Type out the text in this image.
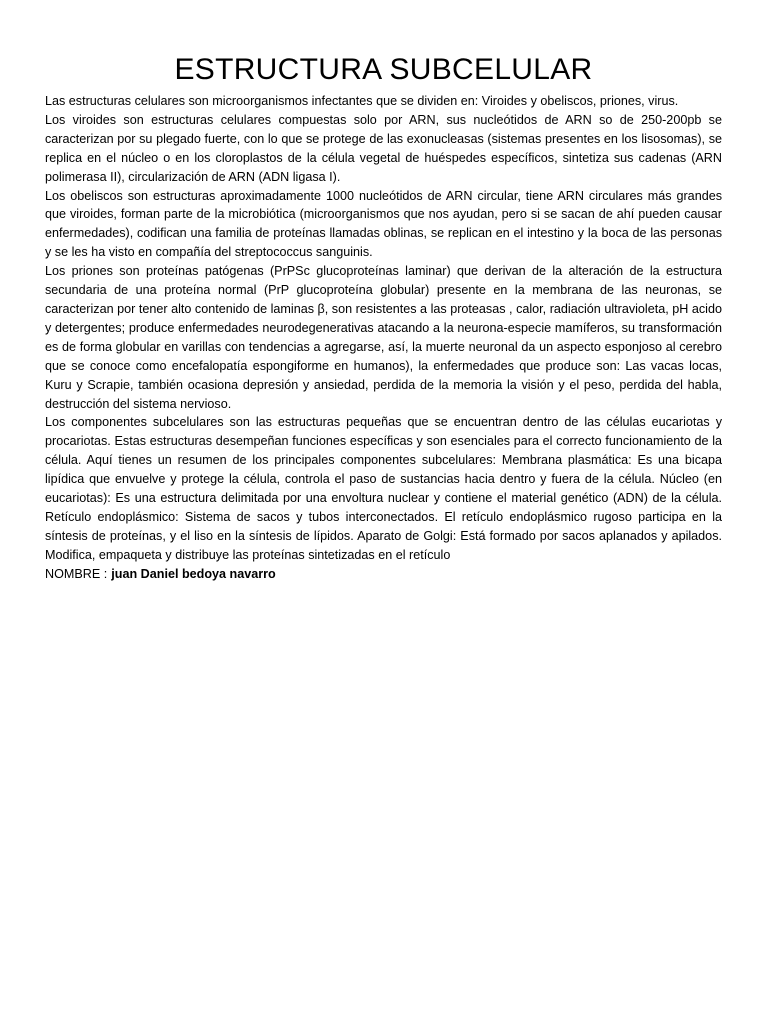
ESTRUCTURA SUBCELULAR

Las estructuras celulares son microorganismos infectantes que se dividen en: Viroides y obeliscos, priones, virus.

Los viroides son estructuras celulares compuestas solo por ARN, sus nucleótidos de ARN so de 250-200pb se caracterizan por su plegado fuerte, con lo que se protege de las exonucleasas (sistemas presentes en los lisosomas), se replica en el núcleo o en los cloroplastos de la célula vegetal de huéspedes específicos, sintetiza sus cadenas (ARN polimerasa II), circularización de ARN (ADN ligasa I).

Los obeliscos son estructuras aproximadamente 1000 nucleótidos de ARN circular, tiene ARN circulares más grandes que viroides, forman parte de la microbiótica (microorganismos que nos ayudan, pero si se sacan de ahí pueden causar enfermedades), codifican una familia de proteínas llamadas oblinas, se replican en el intestino y la boca de las personas y se les ha visto en compañía del streptococcus sanguinis.

Los priones son proteínas patógenas (PrPSc glucoproteínas laminar) que derivan de la alteración de la estructura secundaria de una proteína normal (PrP glucoproteína globular) presente en la membrana de las neuronas, se caracterizan por tener alto contenido de laminas β, son resistentes a las proteasas , calor, radiación ultravioleta, pH acido y detergentes; produce enfermedades neurodegenerativas atacando a la neurona-especie mamíferos, su transformación es de forma globular en varillas con tendencias a agregarse, así, la muerte neuronal da un aspecto esponjoso al cerebro que se conoce como encefalopatía espongiforme en humanos), la enfermedades que produce son: Las vacas locas, Kuru y Scrapie, también ocasiona depresión y ansiedad, perdida de la memoria la visión y el peso, perdida del habla, destrucción del sistema nervioso.

Los componentes subcelulares son las estructuras pequeñas que se encuentran dentro de las células eucariotas y procariotas. Estas estructuras desempeñan funciones específicas y son esenciales para el correcto funcionamiento de la célula. Aquí tienes un resumen de los principales componentes subcelulares: Membrana plasmática: Es una bicapa lipídica que envuelve y protege la célula, controla el paso de sustancias hacia dentro y fuera de la célula. Núcleo (en eucariotas): Es una estructura delimitada por una envoltura nuclear y contiene el material genético (ADN) de la célula. Retículo endoplásmico: Sistema de sacos y tubos interconectados. El retículo endoplásmico rugoso participa en la síntesis de proteínas, y el liso en la síntesis de lípidos. Aparato de Golgi: Está formado por sacos aplanados y apilados. Modifica, empaqueta y distribuye las proteínas sintetizadas en el retículo

NOMBRE : juan Daniel bedoya navarro
